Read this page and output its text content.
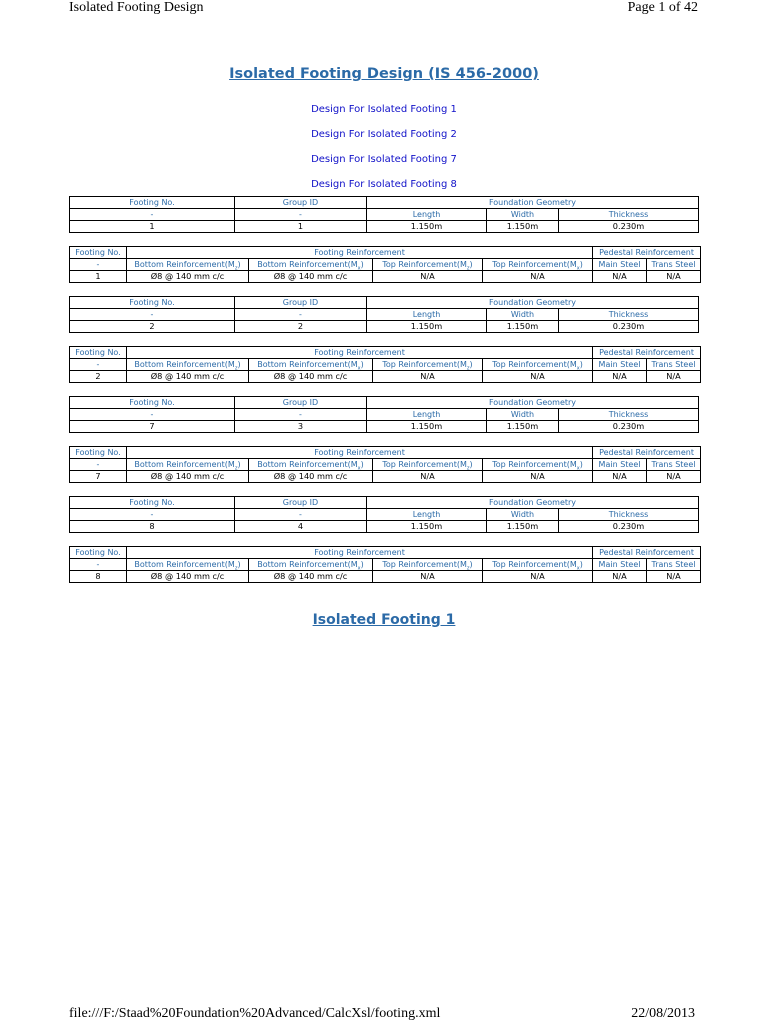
Isolated Footing Design	Page 1 of 42
Isolated Footing Design (IS 456-2000)
Design For Isolated Footing 1
Design For Isolated Footing 2
Design For Isolated Footing 7
Design For Isolated Footing 8
Footing No.	Group ID	Foundation Geometry		
-	-	Length	Width	Thickness
1	1	1.150m	1.150m	0.230m
Footing No.	Footing Reinforcement				Pedestal Reinforcement	
-	Bottom $Reinforcement(M_z)$	Bottom $Reinforcement(M_x)$	Top $Reinforcement(M_z)$	Top $Reinforcement(M_x)$	Main Steel	Trans Steel
1	Ø8 @ 140 mm c/c	Ø8 @ 140 mm c/c	N/A	N/A	N/A	N/A
Footing No.	Group ID	Foundation Geometry		
-	-	Length	Width	Thickness
2	2	1.150m	1.150m	0.230m
Footing No.	Footing Reinforcement				Pedestal Reinforcement	
-	Bottom $Reinforcement(M_z)$	Bottom $Reinforcement(M_x)$	Top $Reinforcement(M_z)$	Top $Reinforcement(M_x)$	Main Steel	Trans Steel
2	Ø8 @ 140 mm c/c	Ø8 @ 140 mm c/c	N/A	N/A	N/A	N/A
Footing No.	Group ID	Foundation Geometry		
-	-	Length	Width	Thickness
7	3	1.150m	1.150m	0.230m
Footing No.	Footing Reinforcement				Pedestal Reinforcement	
-	Bottom $Reinforcement(M_z)$	Bottom $Reinforcement(M_x)$	Top $Reinforcement(M_z)$	Top $Reinforcement(M_x)$	Main Steel	Trans Steel
7	Ø8 @ 140 mm c/c	Ø8 @ 140 mm c/c	N/A	N/A	N/A	N/A
Footing No.	Group ID	Foundation Geometry		
-	-	Length	Width	Thickness
8	4	1.150m	1.150m	0.230m
Footing No.	Footing Reinforcement				Pedestal Reinforcement	
-	Bottom $Reinforcement(M_z)$	Bottom $Reinforcement(M_x)$	Top $Reinforcement(M_z)$	Top $Reinforcement(M_x)$	Main Steel	Trans Steel
8	Ø8 @ 140 mm c/c	Ø8 @ 140 mm c/c	N/A	N/A	N/A	N/A
Isolated Footing 1
file:///F:/Staad%20Foundation%20Advanced/CalcXsl/footing.xml	22/08/2013
